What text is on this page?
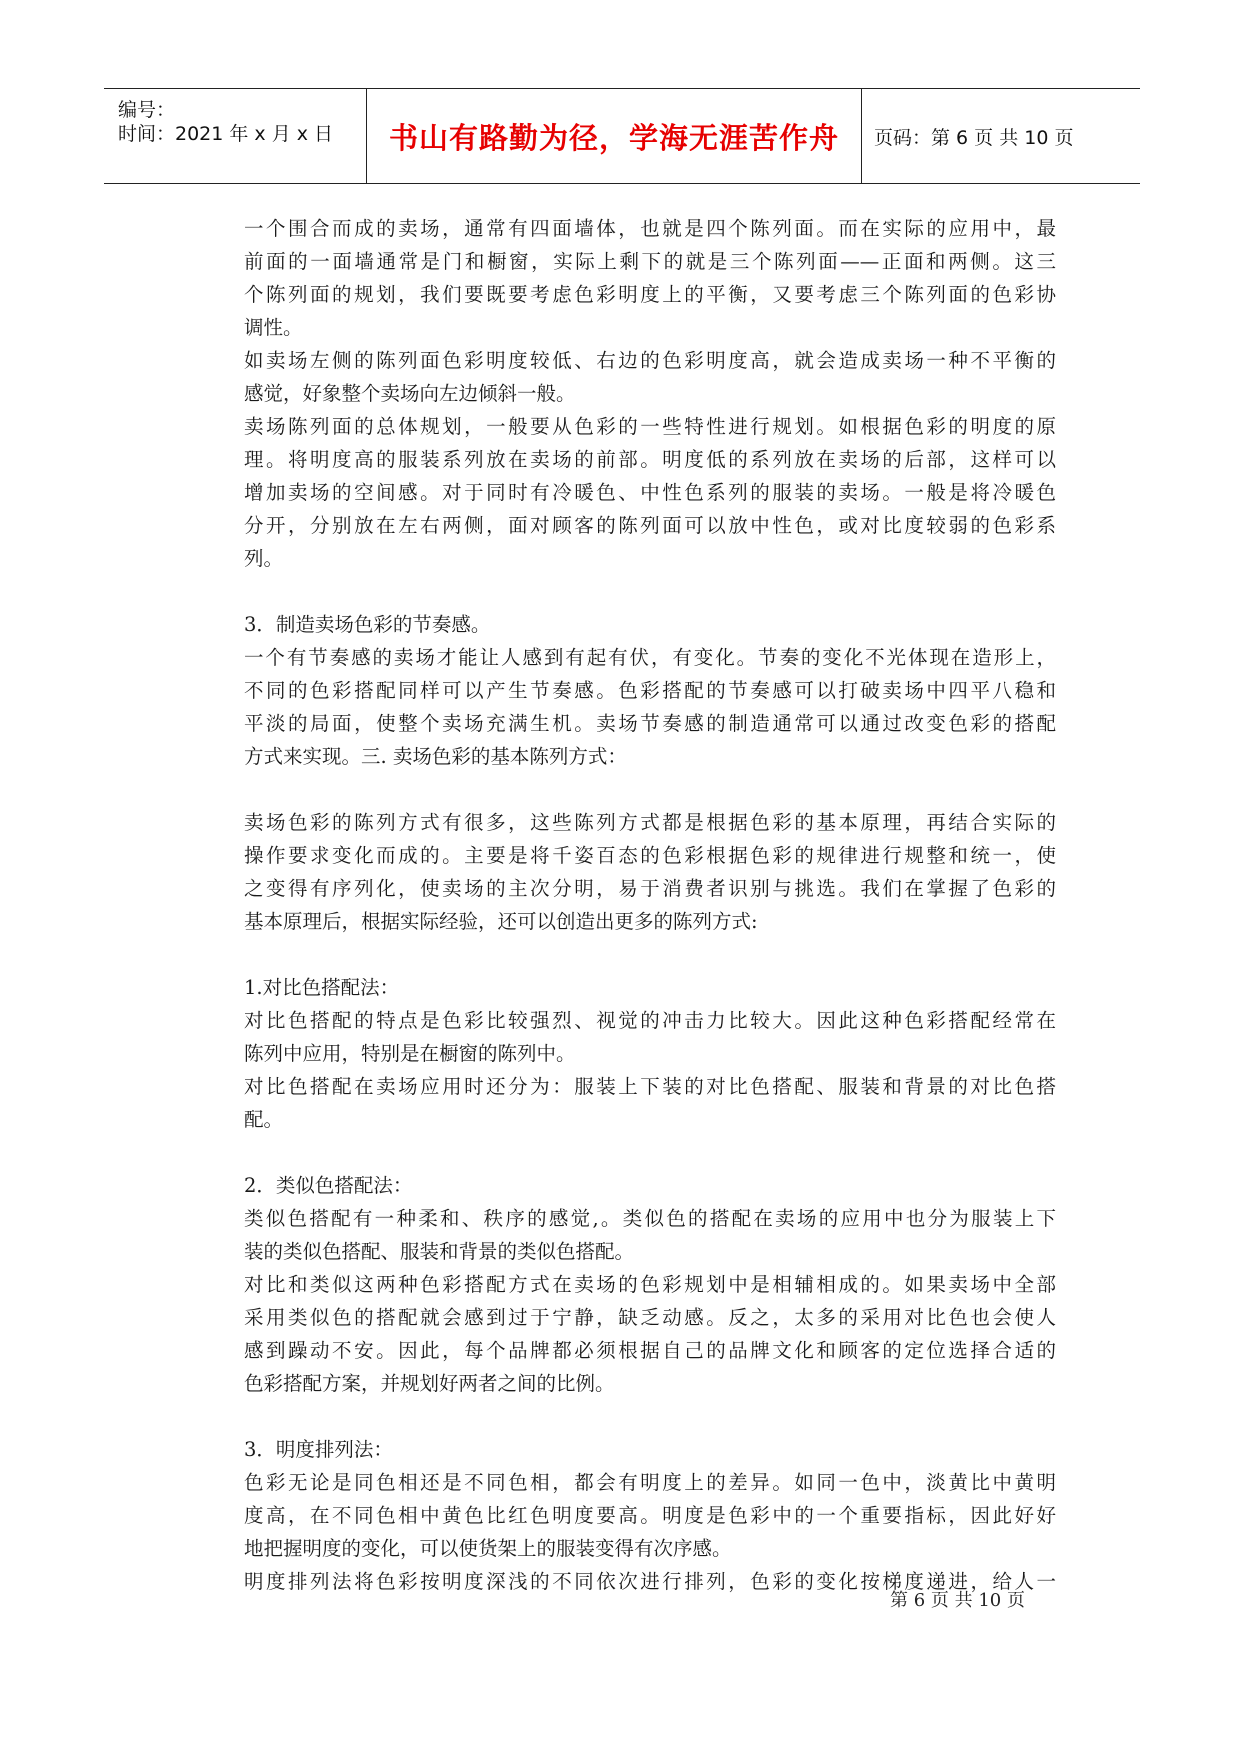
编号：
时间：2021 年 x 月 x 日	书山有路勤为径，学海无涯苦作舟	页码：第 6 页 共 10 页
一个围合而成的卖场，通常有四面墙体，也就是四个陈列面。而在实际的应用中，最
前面的一面墙通常是门和橱窗，实际上剩下的就是三个陈列面——正面和两侧。这三
个陈列面的规划，我们要既要考虑色彩明度上的平衡，又要考虑三个陈列面的色彩协
调性。
如卖场左侧的陈列面色彩明度较低、右边的色彩明度高，就会造成卖场一种不平衡的
感觉，好象整个卖场向左边倾斜一般。
卖场陈列面的总体规划，一般要从色彩的一些特性进行规划。如根据色彩的明度的原
理。将明度高的服装系列放在卖场的前部。明度低的系列放在卖场的后部，这样可以
增加卖场的空间感。对于同时有冷暖色、中性色系列的服装的卖场。一般是将冷暖色
分开，分别放在左右两侧，面对顾客的陈列面可以放中性色，或对比度较弱的色彩系
列。
3．制造卖场色彩的节奏感。
一个有节奏感的卖场才能让人感到有起有伏，有变化。节奏的变化不光体现在造形上，
不同的色彩搭配同样可以产生节奏感。色彩搭配的节奏感可以打破卖场中四平八稳和
平淡的局面，使整个卖场充满生机。卖场节奏感的制造通常可以通过改变色彩的搭配
方式来实现。三. 卖场色彩的基本陈列方式：
卖场色彩的陈列方式有很多，这些陈列方式都是根据色彩的基本原理，再结合实际的
操作要求变化而成的。主要是将千姿百态的色彩根据色彩的规律进行规整和统一，使
之变得有序列化，使卖场的主次分明，易于消费者识别与挑选。我们在掌握了色彩的
基本原理后，根据实际经验，还可以创造出更多的陈列方式:
1.对比色搭配法：
对比色搭配的特点是色彩比较强烈、视觉的冲击力比较大。因此这种色彩搭配经常在
陈列中应用，特别是在橱窗的陈列中。
对比色搭配在卖场应用时还分为：服装上下装的对比色搭配、服装和背景的对比色搭
配。
2．类似色搭配法：
类似色搭配有一种柔和、秩序的感觉,。类似色的搭配在卖场的应用中也分为服装上下
装的类似色搭配、服装和背景的类似色搭配。
对比和类似这两种色彩搭配方式在卖场的色彩规划中是相辅相成的。如果卖场中全部
采用类似色的搭配就会感到过于宁静，缺乏动感。反之，太多的采用对比色也会使人
感到躁动不安。因此，每个品牌都必须根据自己的品牌文化和顾客的定位选择合适的
色彩搭配方案，并规划好两者之间的比例。
3．明度排列法：
色彩无论是同色相还是不同色相，都会有明度上的差异。如同一色中，淡黄比中黄明
度高，在不同色相中黄色比红色明度要高。明度是色彩中的一个重要指标，因此好好
地把握明度的变化，可以使货架上的服装变得有次序感。
明度排列法将色彩按明度深浅的不同依次进行排列，色彩的变化按梯度递进，给人一
第 6 页 共 10 页
